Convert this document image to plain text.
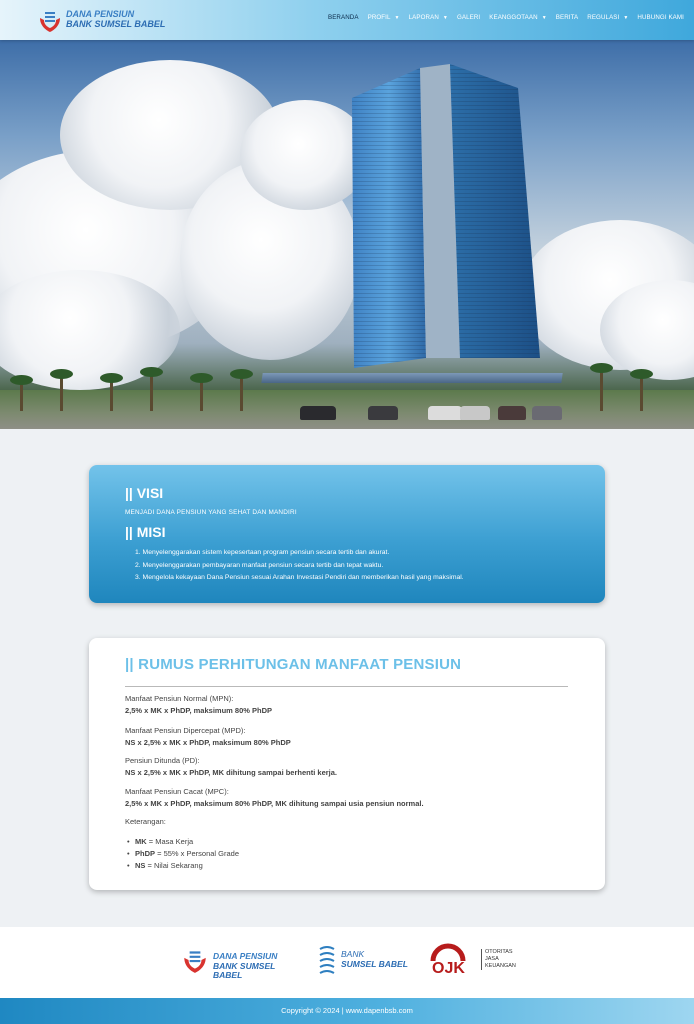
DANA PENSIUN
BANK SUMSEL BABEL
BERANDA PROFIL ▼ LAPORAN ▼ GALERI KEANGGOTAAN ▼ BERITA REGULASI ▼ HUBUNGI KAMI
|| VISI
MENJADI DANA PENSIUN YANG SEHAT DAN MANDIRI
|| MISI
1. Menyelenggarakan sistem kepesertaan program pensiun secara tertib dan akurat.
2. Menyelenggarakan pembayaran manfaat pensiun secara tertib dan tepat waktu.
3. Mengelola kekayaan Dana Pensiun sesuai Arahan Investasi Pendiri dan memberikan hasil yang maksimal.
|| RUMUS PERHITUNGAN MANFAAT PENSIUN
Manfaat Pensiun Normal (MPN):
2,5% x MK x PhDP, maksimum 80% PhDP
Manfaat Pensiun Dipercepat (MPD):
NS x 2,5% x MK x PhDP, maksimum 80% PhDP
Pensiun Ditunda (PD):
NS x 2,5% x MK x PhDP, MK dihitung sampai berhenti kerja.
Manfaat Pensiun Cacat (MPC):
2,5% x MK x PhDP, maksimum 80% PhDP, MK dihitung sampai usia pensiun normal.
Keterangan:
• MK = Masa Kerja
• PhDP = 55% x Personal Grade
• NS = Nilai Sekarang
DANA PENSIUN
BANK SUMSEL BABEL
BANK
SUMSEL BABEL OJK
OTORITAS
JASA
KEUANGAN
Copyright © 2024 | www.dapenbsb.com
